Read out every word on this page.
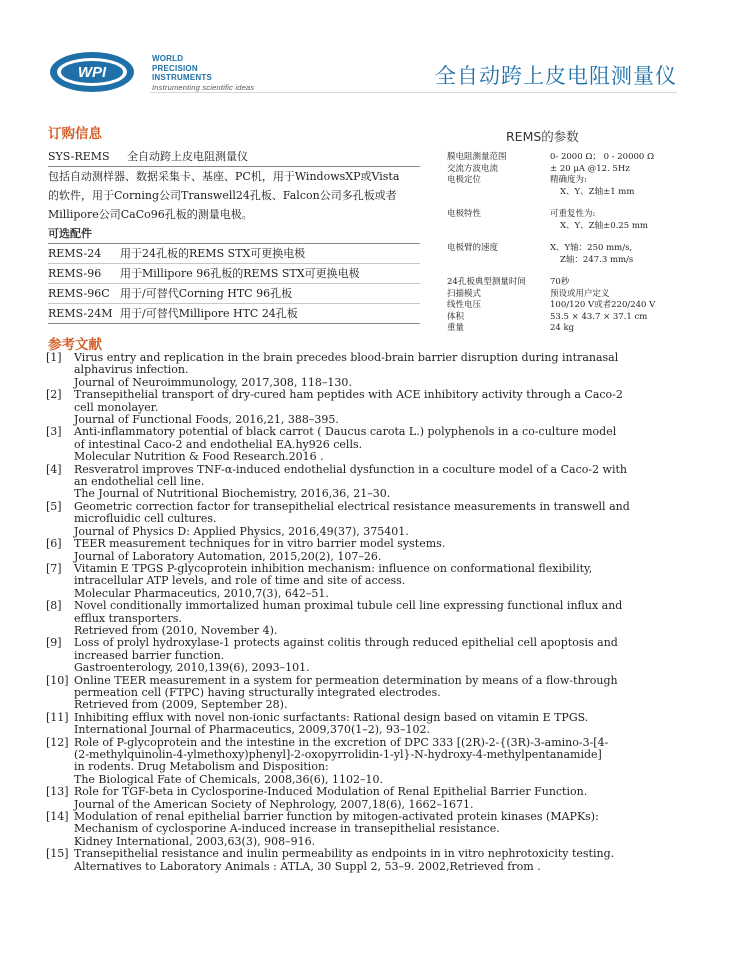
WPI
WORLD
PRECISION
INSTRUMENTS
Instrumenting scientific ideas	全自动跨上皮电阻测量仪
订购信息
SYS-REMS 全自动跨上皮电阻测量仪
包括自动测样器、数据采集卡、基座、PC机，用于WindowsXP或Vista
的软件，用于Corning公司Transwell24孔板、Falcon公司多孔板或者
Millipore公司CaCo96孔板的测量电极。
可选配件
REMS-24	用于24孔板的REMS STX可更换电极
REMS-96	用于Millipore 96孔板的REMS STX可更换电极
REMS-96C 用于/可替代Corning HTC 96孔板
REMS-24M 用于/可替代Millipore HTC 24孔板
REMS的参数
膜电阻测量范围	0- 2000 Ω； 0 - 20000 Ω
交流方波电流	± 20 μA @12. 5Hz
电极定位	精确度为:
X、Y、Z轴±1 mm
电极特性	可重复性为:
X、Y、Z轴±0.25 mm
电极臂的速度	X、Y轴：250 mm/s,
Z轴：247.3 mm/s
24孔板典型测量时间	70秒
扫描模式	预设或用户定义
线性电压	100/120 V或者220/240 V
体积	53.5 × 43.7 × 37.1 cm
重量	24 kg
参考文献
[1]	Virus entry and replication in the brain precedes blood-brain barrier disruption during intranasal
alphavirus infection.
Journal of Neuroimmunology, 2017,308, 118–130.
[2]	Transepithelial transport of dry-cured ham peptides with ACE inhibitory activity through a Caco-2
cell monolayer.
Journal of Functional Foods, 2016,21, 388–395.
[3]	Anti-inflammatory potential of black carrot ( Daucus carota L.) polyphenols in a co-culture model
of intestinal Caco-2 and endothelial EA.hy926 cells.
Molecular Nutrition & Food Research.2016 .
[4]	Resveratrol improves TNF-α-induced endothelial dysfunction in a coculture model of a Caco-2 with
an endothelial cell line.
The Journal of Nutritional Biochemistry, 2016,36, 21–30.
[5]	Geometric correction factor for transepithelial electrical resistance measurements in transwell and
microfluidic cell cultures.
Journal of Physics D: Applied Physics, 2016,49(37), 375401.
[6]	TEER measurement techniques for in vitro barrier model systems.
Journal of Laboratory Automation, 2015,20(2), 107–26.
[7]	Vitamin E TPGS P-glycoprotein inhibition mechanism: influence on conformational flexibility,
intracellular ATP levels, and role of time and site of access.
Molecular Pharmaceutics, 2010,7(3), 642–51.
[8]	Novel conditionally immortalized human proximal tubule cell line expressing functional influx and
efflux transporters.
Retrieved from (2010, November 4).
[9]	Loss of prolyl hydroxylase-1 protects against colitis through reduced epithelial cell apoptosis and
increased barrier function.
Gastroenterology, 2010,139(6), 2093–101.
[10] Online TEER measurement in a system for permeation determination by means of a flow-through
permeation cell (FTPC) having structurally integrated electrodes.
Retrieved from (2009, September 28).
[11] Inhibiting efflux with novel non-ionic surfactants: Rational design based on vitamin E TPGS.
International Journal of Pharmaceutics, 2009,370(1–2), 93–102.
[12] Role of P-glycoprotein and the intestine in the excretion of DPC 333 [(2R)-2-{(3R)-3-amino-3-[4-
(2-methylquinolin-4-ylmethoxy)phenyl]-2-oxopyrrolidin-1-yl}-N-hydroxy-4-methylpentanamide]
in rodents. Drug Metabolism and Disposition:
The Biological Fate of Chemicals, 2008,36(6), 1102–10.
[13] Role for TGF-beta in Cyclosporine-Induced Modulation of Renal Epithelial Barrier Function.
Journal of the American Society of Nephrology, 2007,18(6), 1662–1671.
[14] Modulation of renal epithelial barrier function by mitogen-activated protein kinases (MAPKs):
Mechanism of cyclosporine A-induced increase in transepithelial resistance.
Kidney International, 2003,63(3), 908–916.
[15] Transepithelial resistance and inulin permeability as endpoints in in vitro nephrotoxicity testing.
Alternatives to Laboratory Animals : ATLA, 30 Suppl 2, 53–9. 2002,Retrieved from .
